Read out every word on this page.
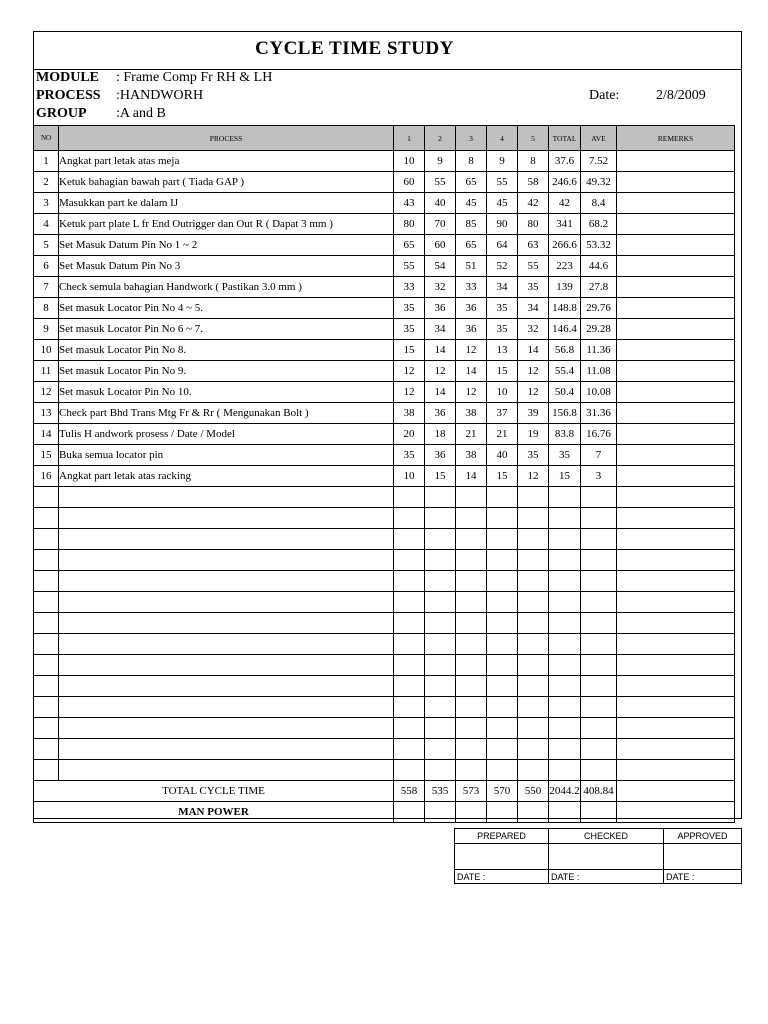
CYCLE TIME STUDY
MODULE : Frame Comp Fr RH & LH
PROCESS :HANDWORH
GROUP :A and B
Date:	2/8/2009
NO	PROCESS	1	2	3	4	5	TOTAL	AVE	REMERKS
1	Angkat part letak atas meja	10	9	8	9	8	37.6	7.52	
2	Ketuk bahagian bawah part ( Tiada GAP )	60	55	65	55	58	246.6	49.32	
3	Masukkan part ke dalam IJ	43	40	45	45	42	42	8.4	
4	Ketuk part plate L fr End Outrigger dan Out R ( Dapat 3 mm )	80	70	85	90	80	341	68.2	
5	Set Masuk Datum Pin No 1 ~ 2	65	60	65	64	63	266.6	53.32	
6	Set Masuk Datum Pin No 3	55	54	51	52	55	223	44.6	
7	Check semula bahagian Handwork ( Pastikan 3.0 mm )	33	32	33	34	35	139	27.8	
8	Set masuk Locator Pin No 4 ~ 5.	35	36	36	35	34	148.8	29.76	
9	Set masuk Locator Pin No 6 ~ 7.	35	34	36	35	32	146.4	29.28	
10	Set masuk Locator Pin No 8.	15	14	12	13	14	56.8	11.36	
11	Set masuk Locator Pin No 9.	12	12	14	15	12	55.4	11.08	
12	Set masuk Locator Pin No 10.	12	14	12	10	12	50.4	10.08	
13	Check part Bhd Trans Mtg Fr & Rr ( Mengunakan Bolt )	38	36	38	37	39	156.8	31.36	
14	Tulis H andwork prosess / Date / Model	20	18	21	21	19	83.8	16.76	
15	Buka semua locator pin	35	36	38	40	35	35	7	
16	Angkat part letak atas racking	10	15	14	15	12	15	3	

TOTAL CYCLE TIME		558	535	573	570	550	2044.2	408.84	
MAN POWER									
PREPARED	CHECKED	APPROVED

DATE :	DATE :	DATE :
